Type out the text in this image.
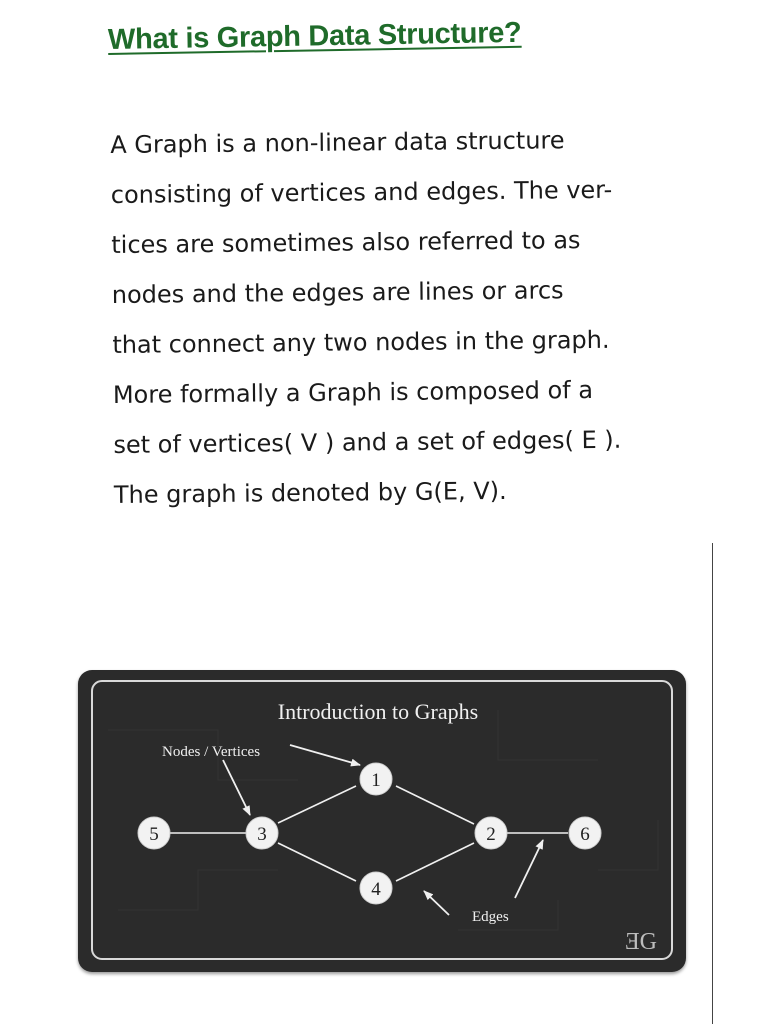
What is Graph Data Structure?
A Graph is a non-linear data structure
consisting of vertices and edges. The ver-
tices are sometimes also referred to as
nodes and the edges are lines or arcs
that connect any two nodes in the graph.
More formally a Graph is composed of a
set of vertices( V ) and a set of edges( E ).
The graph is denoted by G(E, V).
Introduction to Graphs
Nodes / Vertices
Edges
1
2
3
4
5	6
ƎG
